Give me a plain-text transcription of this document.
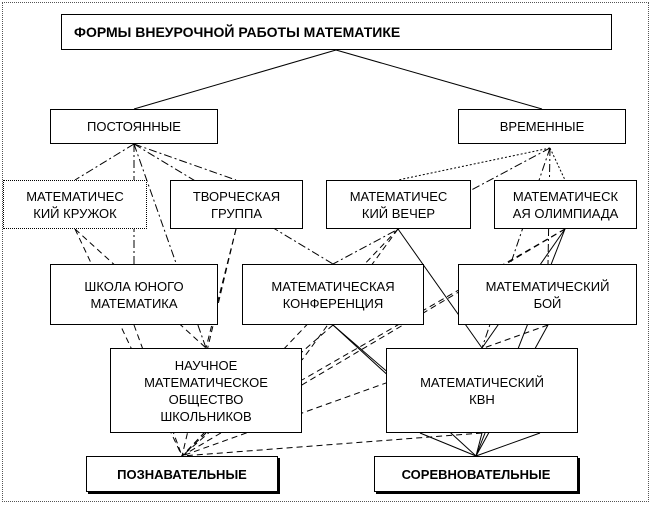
ФОРМЫ ВНЕУРОЧНОЙ РАБОТЫ МАТЕМАТИКЕ
ПОСТОЯННЫЕ	ВРЕМЕННЫЕ
МАТЕМАТИЧЕС
КИЙ КРУЖОК
ТВОРЧЕСКАЯ
ГРУППА
МАТЕМАТИЧЕС
КИЙ ВЕЧЕР
МАТЕМАТИЧЕСК
АЯ ОЛИМПИАДА
ШКОЛА ЮНОГО
МАТЕМАТИКА
МАТЕМАТИЧЕСКАЯ
КОНФЕРЕНЦИЯ
МАТЕМАТИЧЕСКИЙ
БОЙ
НАУЧНОЕ
МАТЕМАТИЧЕСКОЕ
ОБЩЕСТВО
ШКОЛЬНИКОВ
МАТЕМАТИЧЕСКИЙ
КВН
ПОЗНАВАТЕЛЬНЫЕ	СОРЕВНОВАТЕЛЬНЫЕ
